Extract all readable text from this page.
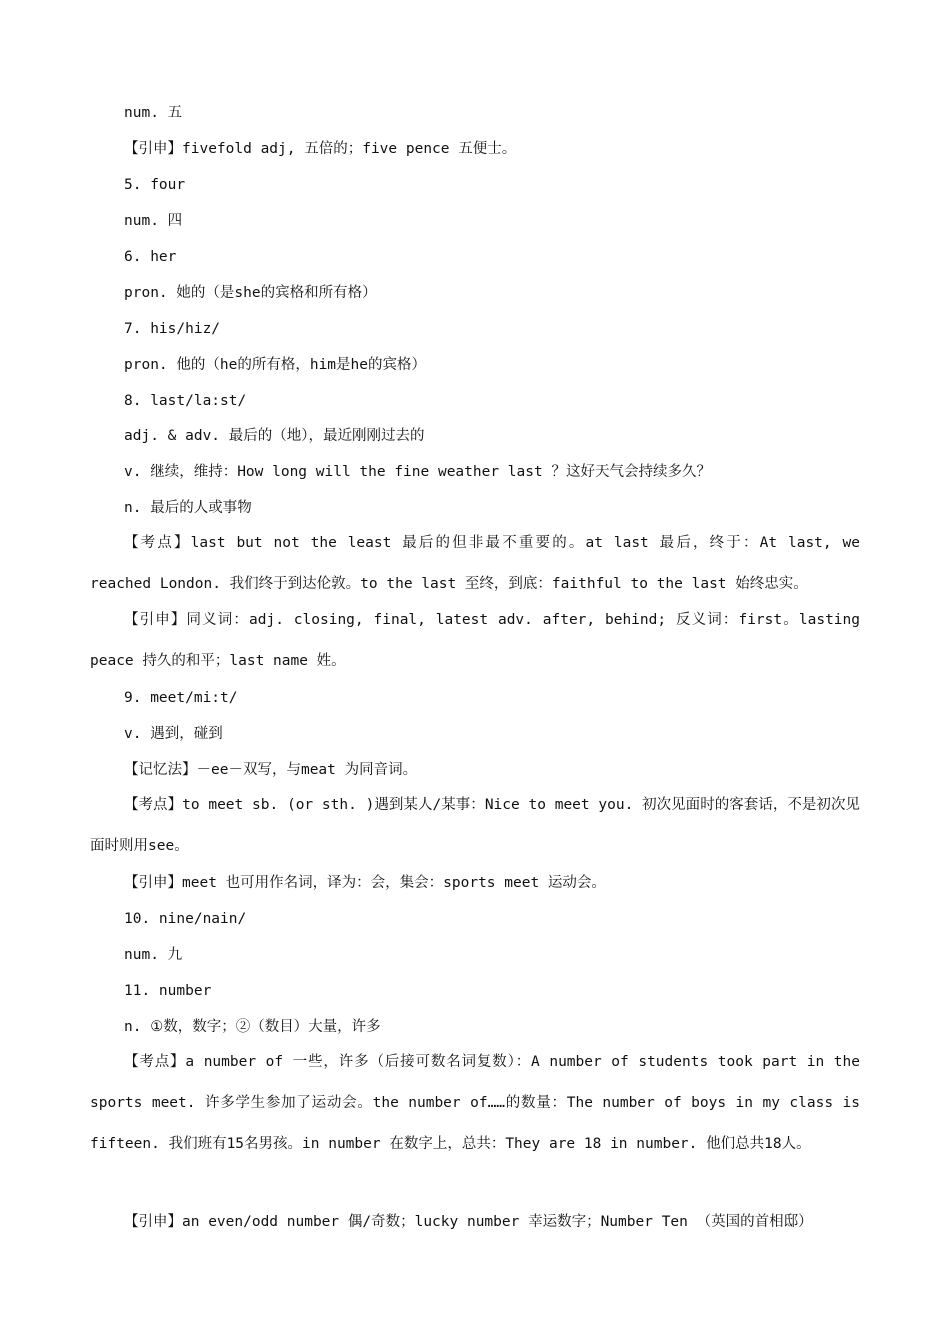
num. 五
【引申】fivefold adj, 五倍的；five pence 五便士。
5. four
num. 四
6. her
pron. 她的（是she的宾格和所有格）
7. his/hiz/
pron. 他的（he的所有格，him是he的宾格）
8. last/la:st/
adj. & adv. 最后的（地），最近刚刚过去的
v. 继续，维持：How long will the fine weather last ？这好天气会持续多久？
n. 最后的人或事物
【考点】last but not the least 最后的但非最不重要的。at last 最后，终于：At last, we reached London. 我们终于到达伦敦。to the last 至终，到底：faithful to the last 始终忠实。
【引申】同义词：adj. closing, final, latest adv. after, behind; 反义词：first。lasting peace 持久的和平；last name 姓。
9. meet/mi:t/
v. 遇到，碰到
【记忆法】－ee－双写，与meat 为同音词。
【考点】to meet sb. (or sth. )遇到某人/某事：Nice to meet you. 初次见面时的客套话，不是初次见面时则用see。
【引申】meet 也可用作名词，译为：会，集会：sports meet 运动会。
10. nine/nain/
num. 九
11. number
n. ①数，数字；②（数目）大量，许多
【考点】a number of 一些，许多（后接可数名词复数）：A number of students took part in the sports meet. 许多学生参加了运动会。the number of……的数量：The number of boys in my class is fifteen. 我们班有15名男孩。in number 在数字上，总共：They are 18 in number. 他们总共18人。
【引申】an even/odd number 偶/奇数；lucky number 幸运数字；Number Ten （英国的首相邸）
